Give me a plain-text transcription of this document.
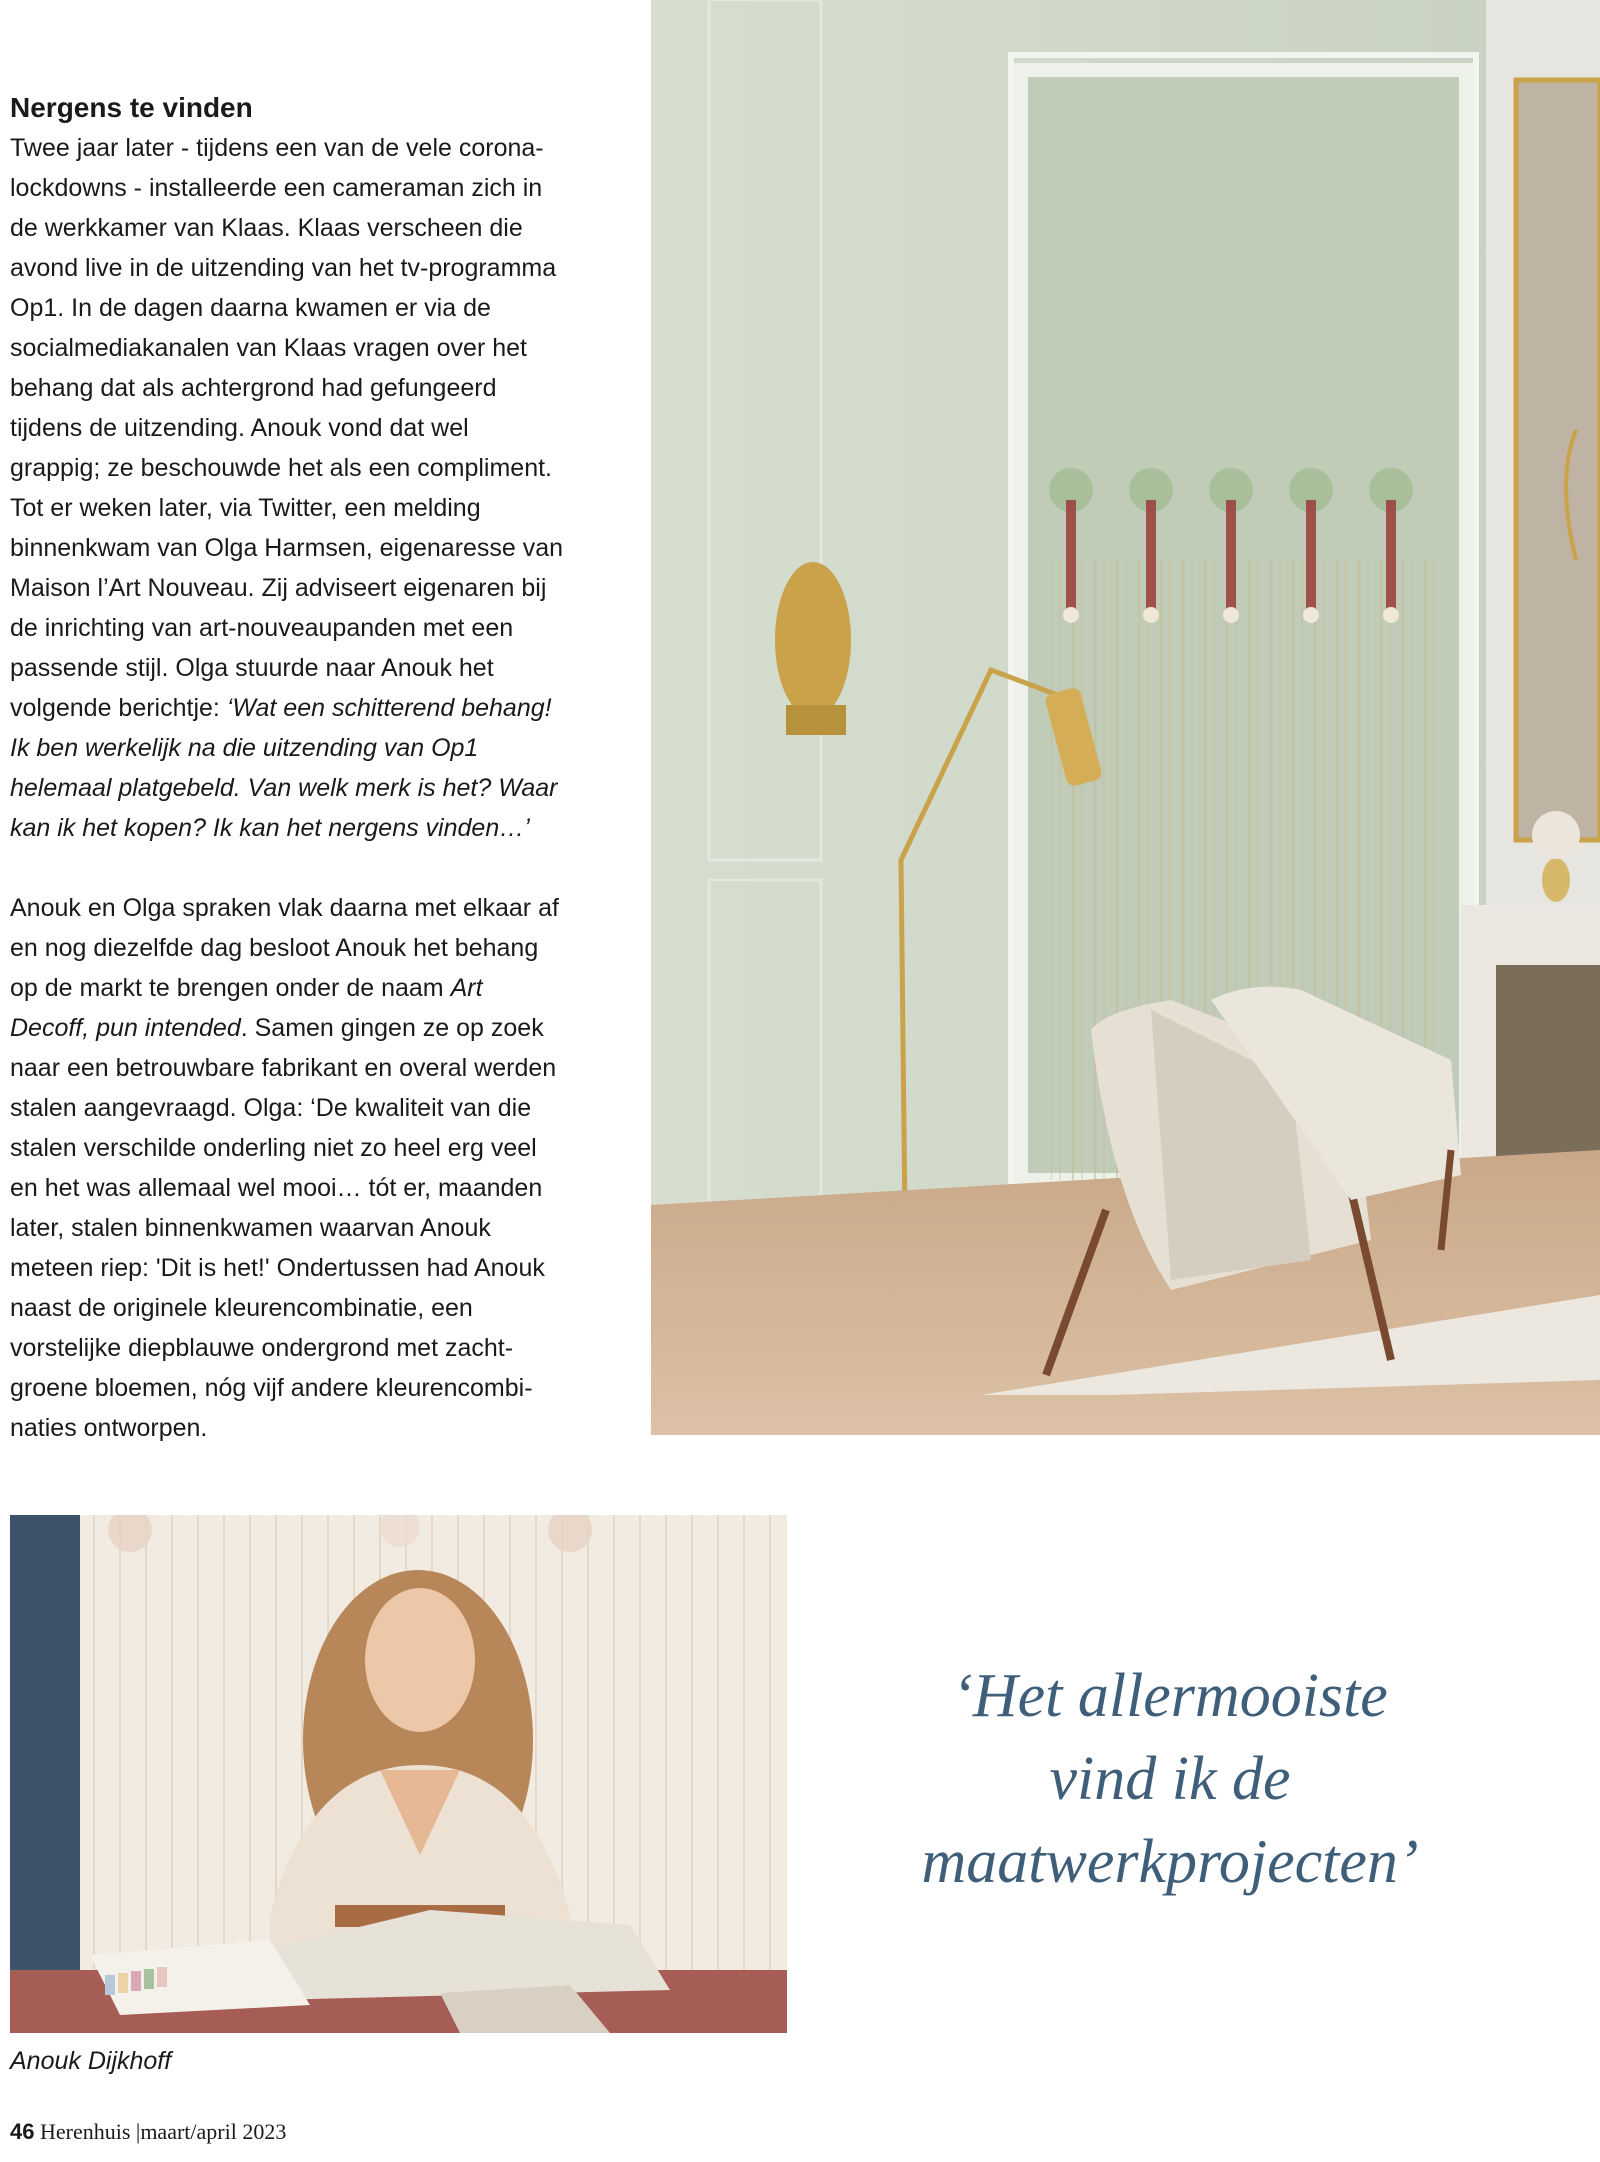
Nergens te vinden

Twee jaar later - tijdens een van de vele corona-
lockdowns - installeerde een cameraman zich in
de werkkamer van Klaas. Klaas verscheen die
avond live in de uitzending van het tv-programma
Op1. In de dagen daarna kwamen er via de
socialmediakanalen van Klaas vragen over het
behang dat als achtergrond had gefungeerd
tijdens de uitzending. Anouk vond dat wel
grappig; ze beschouwde het als een compliment.
Tot er weken later, via Twitter, een melding
binnenkwam van Olga Harmsen, eigenaresse van
Maison l’Art Nouveau. Zij adviseert eigenaren bij
de inrichting van art-nouveaupanden met een
passende stijl. Olga stuurde naar Anouk het
volgende berichtje: ‘Wat een schitterend behang!
Ik ben werkelijk na die uitzending van Op1
helemaal platgebeld. Van welk merk is het? Waar
kan ik het kopen? Ik kan het nergens vinden…’

Anouk en Olga spraken vlak daarna met elkaar af
en nog diezelfde dag besloot Anouk het behang
op de markt te brengen onder de naam Art
Decoff, pun intended. Samen gingen ze op zoek
naar een betrouwbare fabrikant en overal werden
stalen aangevraagd. Olga: ‘De kwaliteit van die
stalen verschilde onderling niet zo heel erg veel
en het was allemaal wel mooi… tót er, maanden
later, stalen binnenkwamen waarvan Anouk
meteen riep: 'Dit is het!' Ondertussen had Anouk
naast de originele kleurencombinatie, een
vorstelijke diepblauwe ondergrond met zacht-
groene bloemen, nóg vijf andere kleurencombi-
naties ontworpen.

Anouk Dijkhoff
‘Het allermooiste
vind ik de
maatwerkprojecten’
46 Herenhuis |maart/april 2023
